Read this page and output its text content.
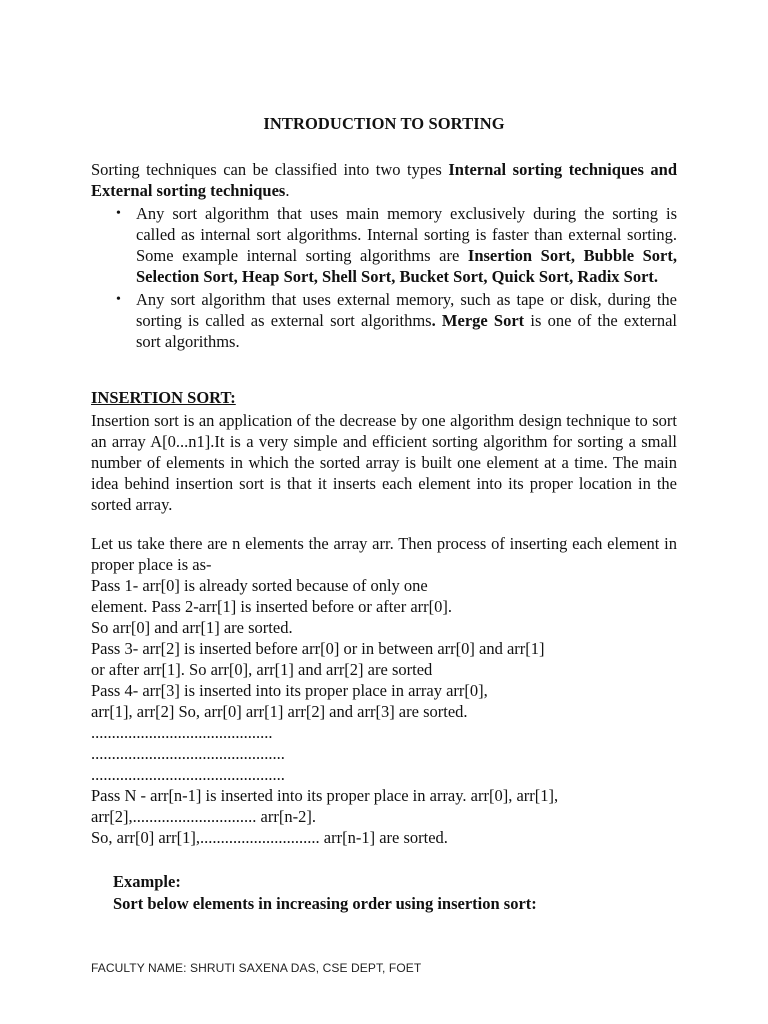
INTRODUCTION TO SORTING
Sorting techniques can be classified into two types Internal sorting techniques and External sorting techniques.
• Any sort algorithm that uses main memory exclusively during the sorting is called as internal sort algorithms. Internal sorting is faster than external sorting. Some example internal sorting algorithms are Insertion Sort, Bubble Sort, Selection Sort, Heap Sort, Shell Sort, Bucket Sort, Quick Sort, Radix Sort.
• Any sort algorithm that uses external memory, such as tape or disk, during the sorting is called as external sort algorithms. Merge Sort is one of the external sort algorithms.
INSERTION SORT:
Insertion sort is an application of the decrease by one algorithm design technique to sort an array A[0...n1].It is a very simple and efficient sorting algorithm for sorting a small number of elements in which the sorted array is built one element at a time. The main idea behind insertion sort is that it inserts each element into its proper location in the sorted array.
Let us take there are n elements the array arr. Then process of inserting each element in proper place is as-
Pass 1- arr[0] is already sorted because of only one
element. Pass 2-arr[1] is inserted before or after arr[0].
So arr[0] and arr[1] are sorted.
Pass 3- arr[2] is inserted before arr[0] or in between arr[0] and arr[1]
or after arr[1]. So arr[0], arr[1] and arr[2] are sorted
Pass 4- arr[3] is inserted into its proper place in array arr[0],
arr[1], arr[2] So, arr[0] arr[1] arr[2] and arr[3] are sorted.
............................................
...............................................
...............................................
Pass N - arr[n-1] is inserted into its proper place in array. arr[0], arr[1],
arr[2],.............................. arr[n-2].
So, arr[0] arr[1],............................. arr[n-1] are sorted.
Example:
Sort below elements in increasing order using insertion sort:
FACULTY NAME: SHRUTI SAXENA DAS, CSE DEPT, FOET
